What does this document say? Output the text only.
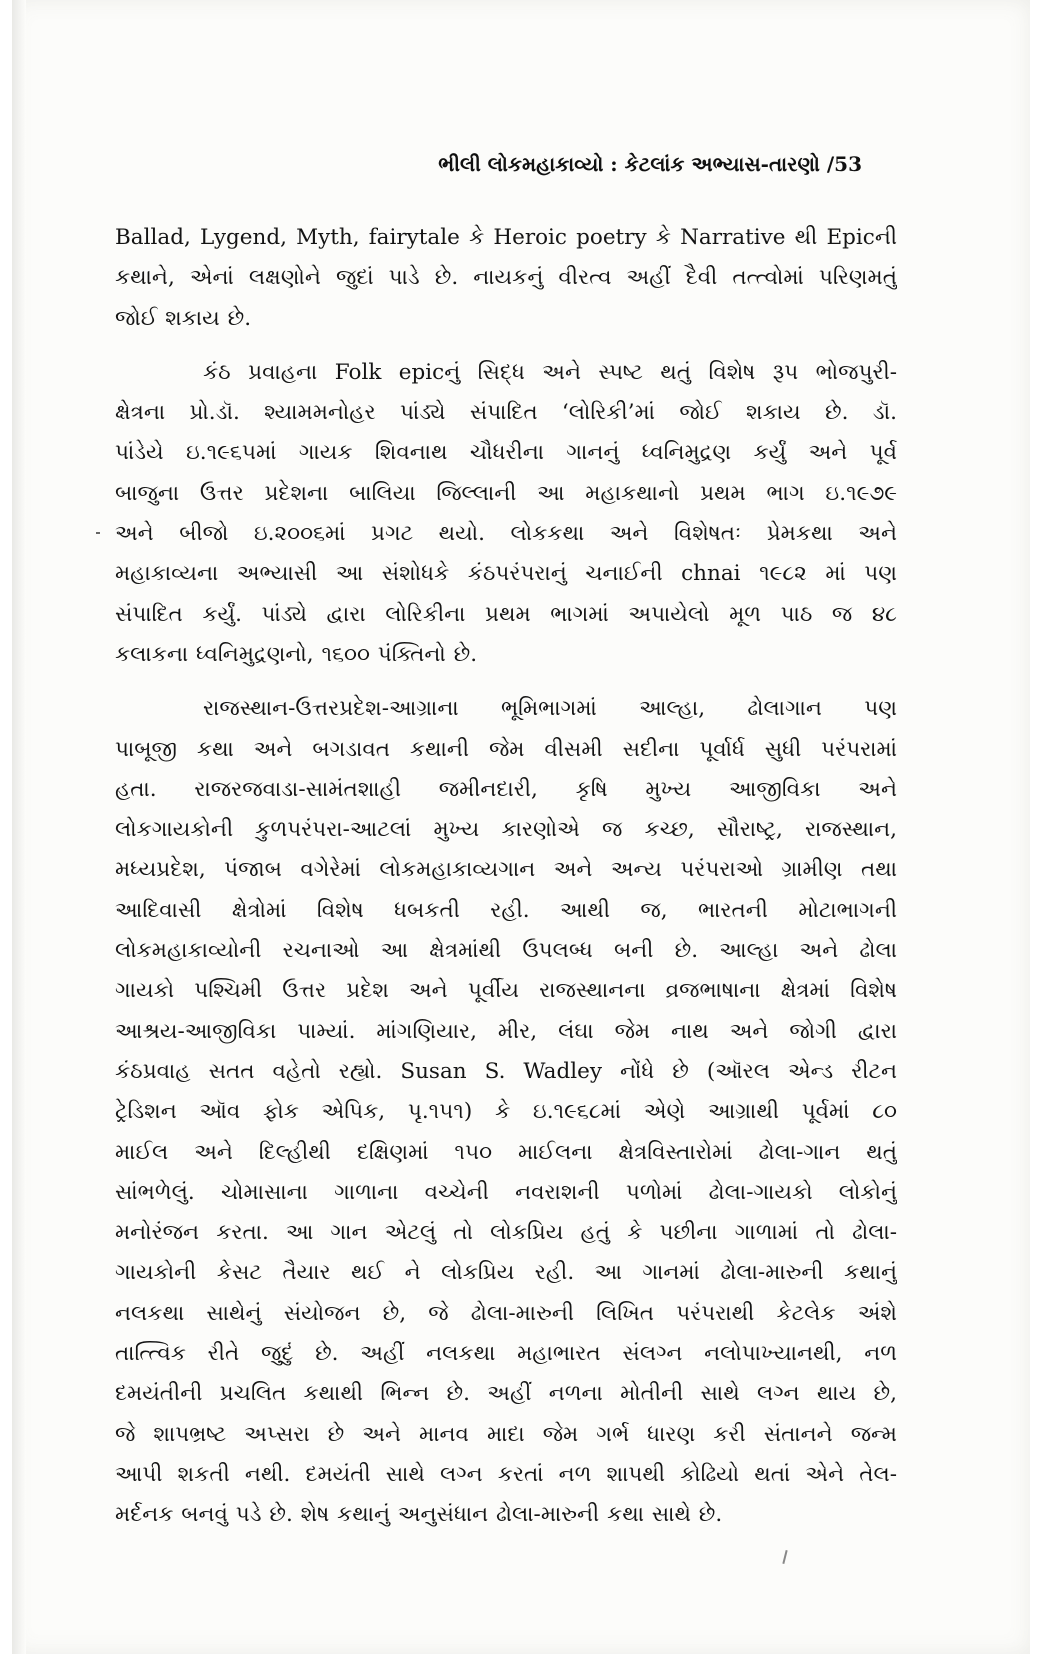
ભીલી લોકમહાકાવ્યો : કેટલાંક અભ્યાસ-તારણો /53
Ballad, Lygend, Myth, fairytale કે Heroic poetry કે Narrative થી Epicની
કથાને, એનાં લક્ષણોને જુદાં પાડે છે. નાયકનું વીરત્વ અહીં દૈવી તત્ત્વોમાં પરિણમતું
જોઈ શકાય છે.
કંઠ પ્રવાહના Folk epicનું સિદ્ધ અને સ્પષ્ટ થતું વિશેષ રૂપ ભોજપુરી-
ક્ષેત્રના પ્રો.ડૉ. શ્યામમનોહર પાંડ્યે સંપાદિત ‘લોરિકી’માં જોઈ શકાય છે. ડૉ.
પાંડેયે ઇ.૧૯૬૫માં ગાયક શિવનાથ ચૌધરીના ગાનનું ધ્વનિમુદ્રણ કર્યું અને પૂર્વ
બાજુના ઉત્તર પ્રદેશના બાલિયા જિલ્લાની આ મહાકથાનો પ્રથમ ભાગ ઇ.૧૯૭૯
અને બીજો ઇ.૨૦૦૬માં પ્રગટ થયો. લોકકથા અને વિશેષતઃ પ્રેમકથા અને
મહાકાવ્યના અભ્યાસી આ સંશોધકે કંઠપરંપરાનું ચનાઈની chnai ૧૯૮૨ માં પણ
સંપાદિત કર્યું. પાંડ્યે દ્વારા લોરિકીના પ્રથમ ભાગમાં અપાયેલો મૂળ પાઠ જ ૪૮
કલાકના ધ્વનિમુદ્રણનો, ૧૬૦૦ પંક્તિનો છે.
રાજસ્થાન-ઉત્તરપ્રદેશ-આગ્રાના ભૂમિભાગમાં આલ્હા, ઢોલાગાન પણ
પાબૂજી કથા અને બગડાવત કથાની જેમ વીસમી સદીના પૂર્વાર્ધ સુધી પરંપરામાં
હતા. રાજરજવાડા-સામંતશાહી જમીનદારી, કૃષિ મુખ્ય આજીવિકા અને
લોકગાયકોની કુળપરંપરા-આટલાં મુખ્ય કારણોએ જ કચ્છ, સૌરાષ્ટ્ર, રાજસ્થાન,
મધ્યપ્રદેશ, પંજાબ વગેરેમાં લોકમહાકાવ્યગાન અને અન્ય પરંપરાઓ ગ્રામીણ તથા
આદિવાસી ક્ષેત્રોમાં વિશેષ ધબકતી રહી. આથી જ, ભારતની મોટાભાગની
લોકમહાકાવ્યોની રચનાઓ આ ક્ષેત્રમાંથી ઉપલબ્ધ બની છે. આલ્હા અને ઢોલા
ગાયકો પશ્ચિમી ઉત્તર પ્રદેશ અને પૂર્વીય રાજસ્થાનના વ્રજભાષાના ક્ષેત્રમાં વિશેષ
આશ્રય-આજીવિકા પામ્યાં. માંગણિયાર, મીર, લંઘા જેમ નાથ અને જોગી દ્વારા
કંઠપ્રવાહ સતત વહેતો રહ્યો. Susan S. Wadley નોંધે છે (ઑરલ એન્ડ રીટન
ટ્રેડિશન ઑવ ફોક એપિક, પૃ.૧૫૧) કે ઇ.૧૯૬૮માં એણે આગ્રાથી પૂર્વમાં ૮૦
માઈલ અને દિલ્હીથી દક્ષિણમાં ૧૫૦ માઈલના ક્ષેત્રવિસ્તારોમાં ઢોલા-ગાન થતું
સાંભળેલું. ચોમાસાના ગાળાના વચ્ચેની નવરાશની પળોમાં ઢોલા-ગાયકો લોકોનું
મનોરંજન કરતા. આ ગાન એટલું તો લોકપ્રિય હતું કે પછીના ગાળામાં તો ઢોલા-
ગાયકોની કેસટ તૈયાર થઈ ને લોકપ્રિય રહી. આ ગાનમાં ઢોલા-મારુની કથાનું
નલકથા સાથેનું સંયોજન છે, જે ઢોલા-મારુની લિખિત પરંપરાથી કેટલેક અંશે
તાત્ત્વિક રીતે જુદું છે. અહીં નલકથા મહાભારત સંલગ્ન નલોપાખ્યાનથી, નળ
દમયંતીની પ્રચલિત કથાથી ભિન્ન છે. અહીં નળના મોતીની સાથે લગ્ન થાય છે,
જે શાપભ્રષ્ટ અપ્સરા છે અને માનવ માદા જેમ ગર્ભ ધારણ કરી સંતાનને જન્મ
આપી શકતી નથી. દમયંતી સાથે લગ્ન કરતાં નળ શાપથી કોઢિયો થતાં એને તેલ-
મર્દનક બનવું પડે છે. શેષ કથાનું અનુસંધાન ઢોલા-મારુની કથા સાથે છે.
